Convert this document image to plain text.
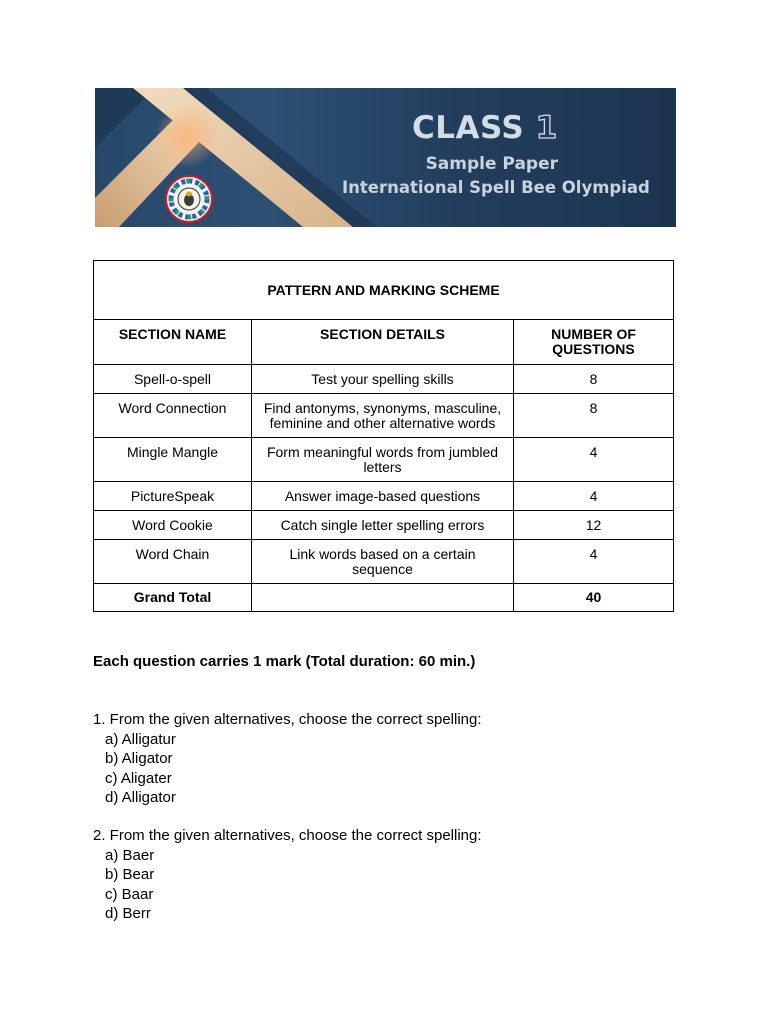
CLASS 1
Sample Paper
International Spell Bee Olympiad
PATTERN AND MARKING SCHEME		
SECTION NAME	SECTION DETAILS	NUMBER OF QUESTIONS
Spell-o-spell	Test your spelling skills	8
Word Connection	Find antonyms, synonyms, masculine, feminine and other alternative words	8
Mingle Mangle	Form meaningful words from jumbled letters	4
PictureSpeak	Answer image-based questions	4
Word Cookie	Catch single letter spelling errors	12
Word Chain	Link words based on a certain sequence	4
Grand Total		40
Each question carries 1 mark (Total duration: 60 min.)
1. From the given alternatives, choose the correct spelling:
a) Alligatur
b) Aligator
c) Aligater
d) Alligator
2. From the given alternatives, choose the correct spelling:
a) Baer
b) Bear
c) Baar
d) Berr
